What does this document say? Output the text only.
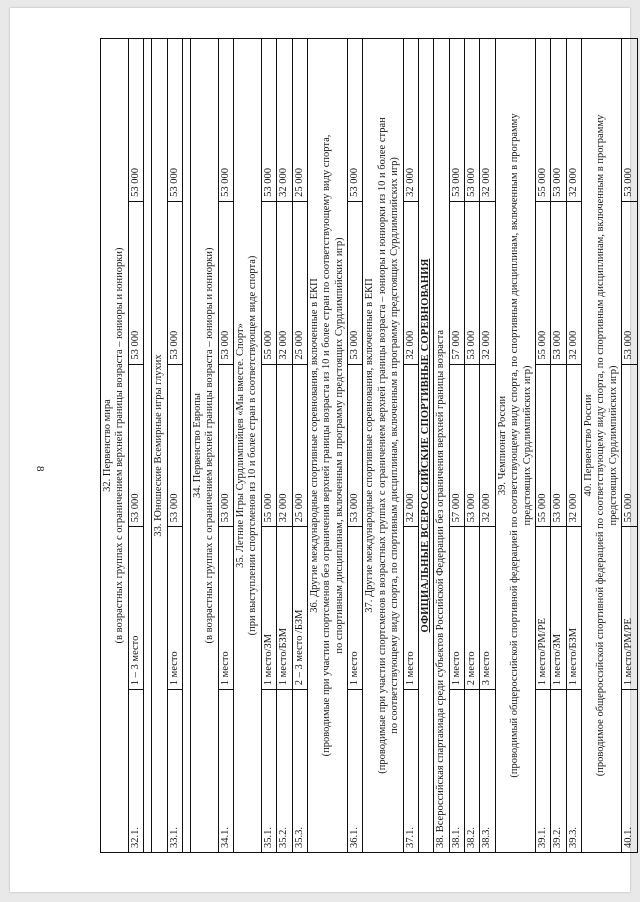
8	32. Первенство мира (в возрастных группах с ограничением верхней границы возраста – юниоры и юниорки)				

32.1.	1 – 3 место	53 000	53 000	53 000

33. Юношеские Всемирные игры глухих				

33.1.	1 место	53 000	53 000	53 000

34. Первенство Европы (в возрастных группах с ограничением верхней границы возраста – юниоры и юниорки)				

34.1.	1 место	53 000	53 000	53 000

35. Летние Игры Сурдлимпийцев «Мы вместе. Спорт» (при выступлении спортсменов из 10 и более стран в соответствующем виде спорта)				

35.1.	1 место/ЗМ	55 000	55 000	53 000
35.2.	1 место/БЗМ	32 000	32 000	32 000
35.3.	2 – 3 место /БЗМ	25 000	25 000	25 000

36. Другие международные спортивные соревнования, включенные в ЕКП (проводимые при участии спортсменов без ограничения верхней границы возраста из 10 и более стран по соответствующему виду спорта, по спортивным дисциплинам, включенным в программу предстоящих Сурдлимпийских игр)				

36.1.	1 место	53 000	53 000	53 000

37. Другие международные спортивные соревнования, включенные в ЕКП (проводимые при участии спортсменов в возрастных группах с ограничением верхней границы возраста – юниоры и юниорки из 10 и более стран по соответствующему виду спорта, по спортивным дисциплинам, включенным в программу предстоящих Сурдлимпийских игр)				

37.1.	1 место	32 000	32 000	32 000
ОФИЦИАЛЬНЫЕ ВСЕРОССИЙСКИЕ СПОРТИВНЫЕ СОРЕВНОВАНИЯ				
38. Всероссийская спартакиада среди субъектов Российской Федерации без ограничения верхней границы возраста				
38.1.	1 место	57 000	57 000	53 000
38.2.	2 место	53 000	53 000	53 000
38.3.	3 место	32 000	32 000	32 000

39. Чемпионат России (проводимый общероссийской спортивной федерацией по соответствующему виду спорта, по спортивным дисциплинам, включенным в программу предстоящих Сурдлимпийских игр)				

39.1.	1 место/РМ/РЕ	55 000	55 000	55 000
39.2.	1 место/ЗМ	53 000	53 000	53 000
39.3.	1 место/БЗМ	32 000	32 000	32 000

40. Первенство России (проводимое общероссийской спортивной федерацией по соответствующему виду спорта, по спортивным дисциплинам, включенным в программу предстоящих Сурдлимпийских игр)				

40.1.	1 место/РМ/РЕ	55 000	53 000	53 000
